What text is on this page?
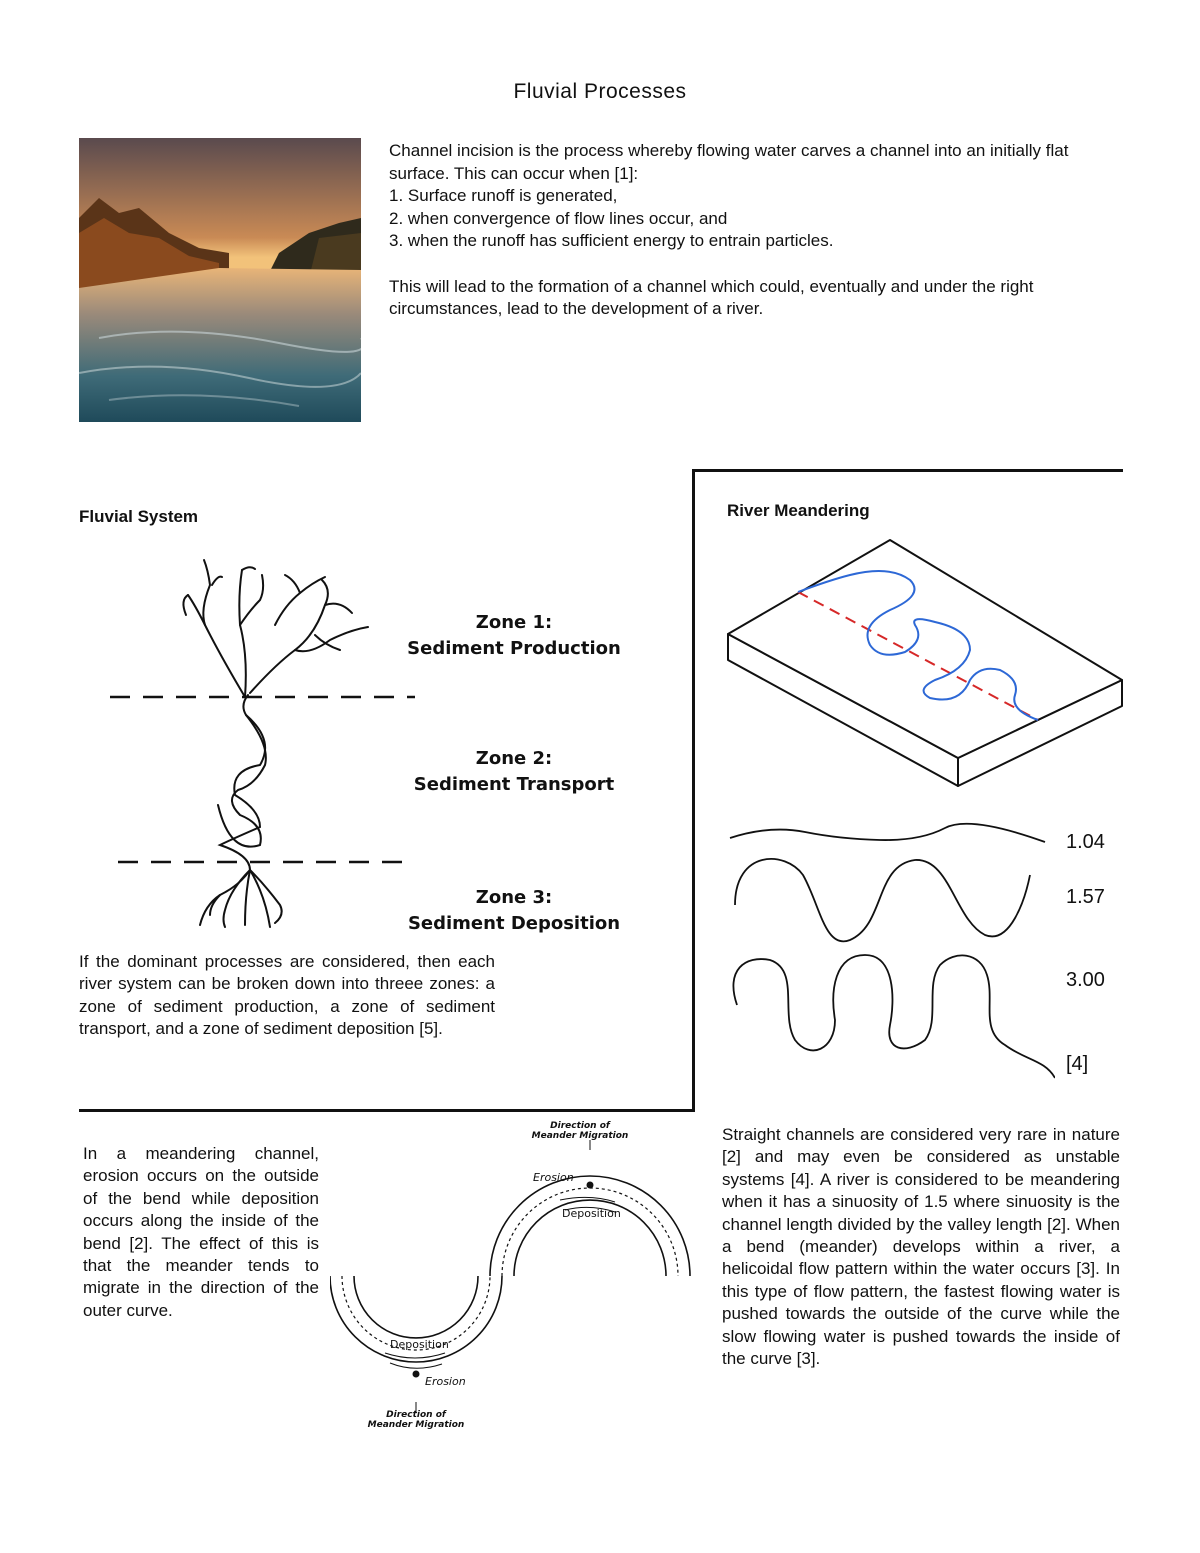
Fluvial Processes

Channel incision is the process whereby flowing water carves a channel into an initially flat surface. This can occur when [1]:

1. Surface runoff is generated,

2. when convergence of flow lines occur, and

3. when the runoff has sufficient energy to entrain particles.

This will lead to the formation of a channel which could, eventually and under the right circumstances, lead to the development of a river.

Fluvial System
Zone 1:
Sediment Production
Zone 2:
Sediment Transport
Zone 3:
Sediment Deposition
If the dominant processes are considered, then each river system can be broken down into threee zones: a zone of sediment production, a zone of sediment transport, and a zone of sediment deposition [5].
River Meandering
1.04
1.57
3.00
[4]
Straight channels are considered very rare in nature [2] and may even be considered as unstable systems [4]. A river is considered to be meandering when it has a sinuosity of 1.5 where sinuosity is the channel length divided by the valley length [2]. When a bend (meander) develops within a river, a helicoidal flow pattern within the water occurs [3]. In this type of flow pattern, the fastest flowing water is pushed towards the outside of the curve while the slow flowing water is pushed towards the inside of the curve [3].
In a meandering channel, erosion occurs on the outside of the bend while deposition occurs along the inside of the bend [2]. The effect of this is that the meander tends to migrate in the direction of the outer curve.
Direction of
Meander Migration
Erosion
Deposition
Deposition
Erosion
Direction of
Meander Migration
